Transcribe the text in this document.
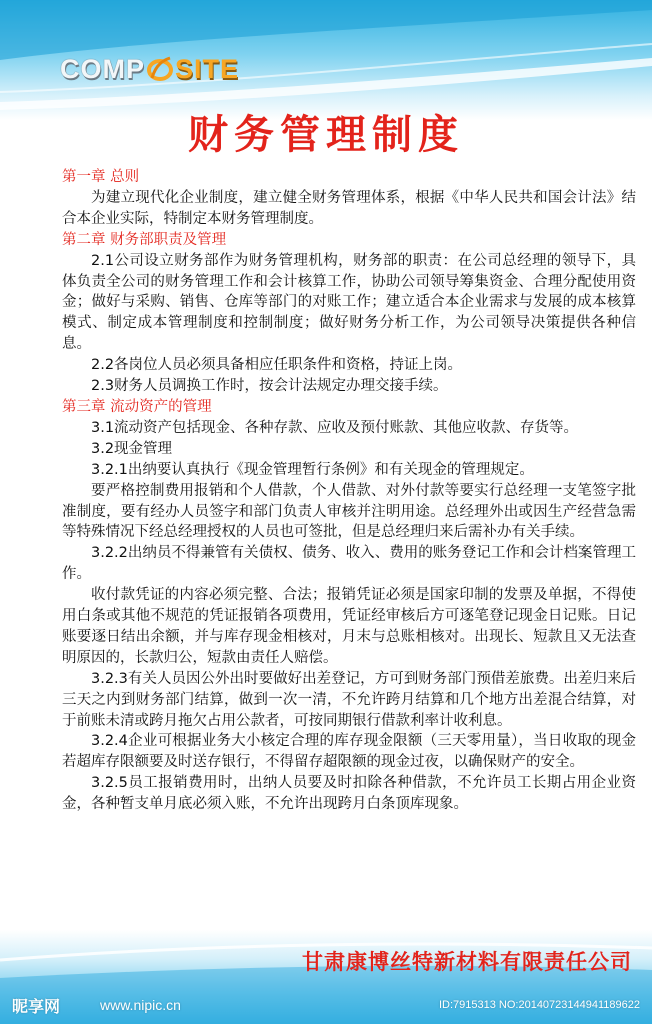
COMP SITE
财务管理制度

第一章 总则

为建立现代化企业制度，建立健全财务管理体系，根据《中华人民共和国会计法》结合本企业实际，特制定本财务管理制度。

第二章 财务部职责及管理

2.1公司设立财务部作为财务管理机构，财务部的职责：在公司总经理的领导下，具体负责全公司的财务管理工作和会计核算工作，协助公司领导筹集资金、合理分配使用资金；做好与采购、销售、仓库等部门的对账工作；建立适合本企业需求与发展的成本核算模式、制定成本管理制度和控制制度；做好财务分析工作，为公司领导决策提供各种信息。

2.2各岗位人员必须具备相应任职条件和资格，持证上岗。

2.3财务人员调换工作时，按会计法规定办理交接手续。

第三章 流动资产的管理

3.1流动资产包括现金、各种存款、应收及预付账款、其他应收款、存货等。

3.2现金管理

3.2.1出纳要认真执行《现金管理暂行条例》和有关现金的管理规定。

要严格控制费用报销和个人借款，个人借款、对外付款等要实行总经理一支笔签字批准制度，要有经办人员签字和部门负责人审核并注明用途。总经理外出或因生产经营急需等特殊情况下经总经理授权的人员也可签批，但是总经理归来后需补办有关手续。

3.2.2出纳员不得兼管有关债权、债务、收入、费用的账务登记工作和会计档案管理工作。

收付款凭证的内容必须完整、合法；报销凭证必须是国家印制的发票及单据，不得使用白条或其他不规范的凭证报销各项费用，凭证经审核后方可逐笔登记现金日记账。日记账要逐日结出余额，并与库存现金相核对，月末与总账相核对。出现长、短款且又无法查明原因的，长款归公，短款由责任人赔偿。

3.2.3有关人员因公外出时要做好出差登记，方可到财务部门预借差旅费。出差归来后三天之内到财务部门结算，做到一次一清，不允许跨月结算和几个地方出差混合结算，对于前账未清或跨月拖欠占用公款者，可按同期银行借款利率计收利息。

3.2.4企业可根据业务大小核定合理的库存现金限额（三天零用量），当日收取的现金若超库存限额要及时送存银行，不得留存超限额的现金过夜，以确保财产的安全。

3.2.5员工报销费用时，出纳人员要及时扣除各种借款，不允许员工长期占用企业资金，各种暂支单月底必须入账，不允许出现跨月白条顶库现象。

甘肃康博丝特新材料有限责任公司
昵享网	www.nipic.cn	ID:7915313 NO:20140723144941189622
